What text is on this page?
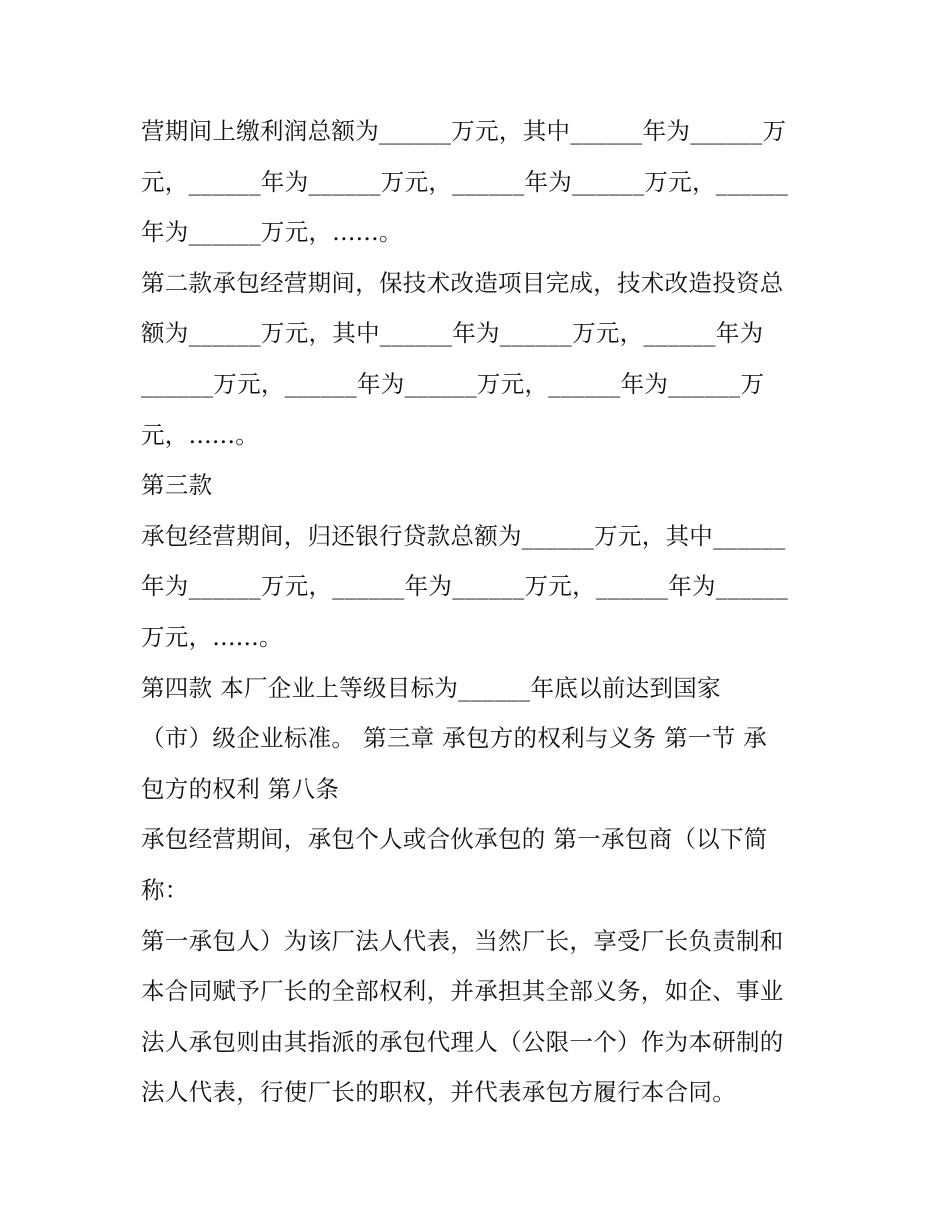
营期间上缴利润总额为______万元，其中______年为______万
元，______年为______万元，______年为______万元，______
年为______万元，......。
第二款承包经营期间，保技术改造项目完成，技术改造投资总
额为______万元，其中______年为______万元，______年为
______万元，______年为______万元，______年为______万
元，......。
第三款
承包经营期间，归还银行贷款总额为______万元，其中______
年为______万元，______年为______万元，______年为______
万元，......。
第四款 本厂企业上等级目标为______年底以前达到国家
（市）级企业标准。 第三章 承包方的权利与义务 第一节 承
包方的权利 第八条
承包经营期间，承包个人或合伙承包的 第一承包商（以下简
称：
第一承包人）为该厂法人代表，当然厂长，享受厂长负责制和
本合同赋予厂长的全部权利，并承担其全部义务，如企、事业
法人承包则由其指派的承包代理人（公限一个）作为本研制的
法人代表，行使厂长的职权，并代表承包方履行本合同。
